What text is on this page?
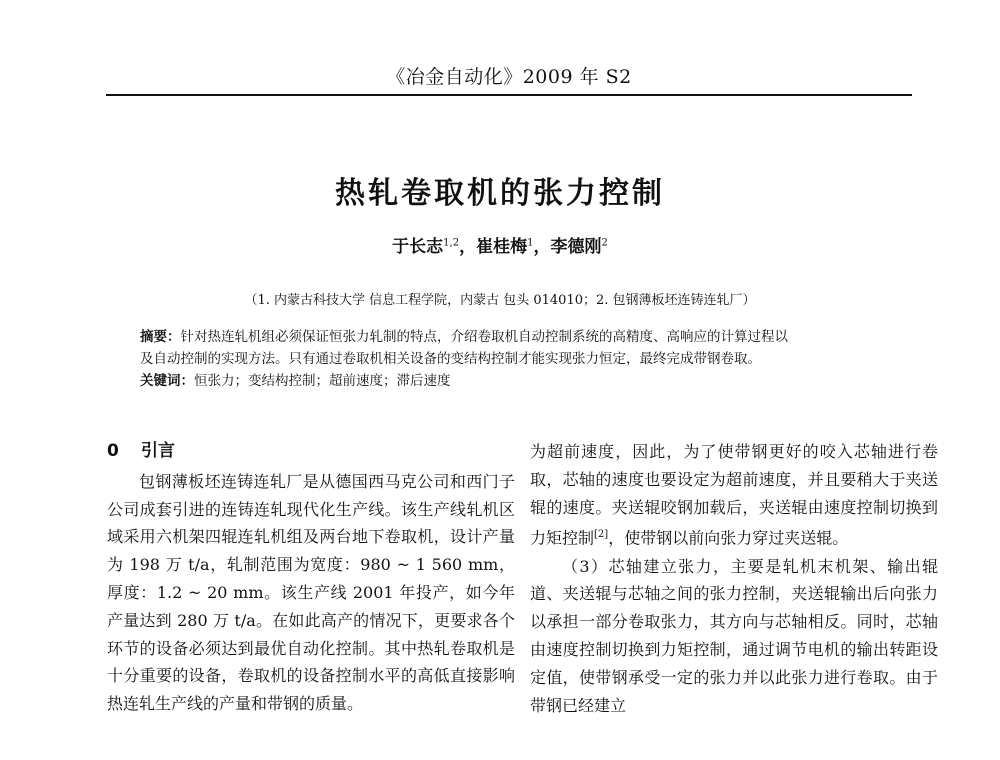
《冶金自动化》2009 年 S2
热轧卷取机的张力控制
于长志$^{1,2}$，崔桂梅$^1$，李德刚$^2$
（1. 内蒙古科技大学 信息工程学院，内蒙古 包头 014010；2. 包钢薄板坯连铸连轧厂）

摘要：针对热连轧机组必须保证恒张力轧制的特点，介绍卷取机自动控制系统的高精度、高响应的计算过程以

及自动控制的实现方法。只有通过卷取机相关设备的变结构控制才能实现张力恒定，最终完成带钢卷取。

关键词：恒张力；变结构控制；超前速度；滞后速度

0 引言

包钢薄板坯连铸连轧厂是从德国西马克公司和西门子公司成套引进的连铸连轧现代化生产线。该生产线轧机区域采用六机架四辊连轧机组及两台地下卷取机，设计产量为 198 万 t/a，轧制范围为宽度：980 ~ 1 560 mm，厚度：1.2 ~ 20 mm。该生产线 2001 年投产，如今年产量达到 280 万 t/a。在如此高产的情况下，更要求各个环节的设备必须达到最优自动化控制。其中热轧卷取机是十分重要的设备，卷取机的设备控制水平的高低直接影响热连轧生产线的产量和带钢的质量。

为超前速度，因此，为了使带钢更好的咬入芯轴进行卷取，芯轴的速度也要设定为超前速度，并且要稍大于夹送辊的速度。夹送辊咬钢加载后，夹送辊由速度控制切换到力矩控制[2]，使带钢以前向张力穿过夹送辊。

（3）芯轴建立张力，主要是轧机末机架、输出辊道、夹送辊与芯轴之间的张力控制，夹送辊输出后向张力以承担一部分卷取张力，其方向与芯轴相反。同时，芯轴由速度控制切换到力矩控制，通过调节电机的输出转距设定值，使带钢承受一定的张力并以此张力进行卷取。由于带钢已经建立
